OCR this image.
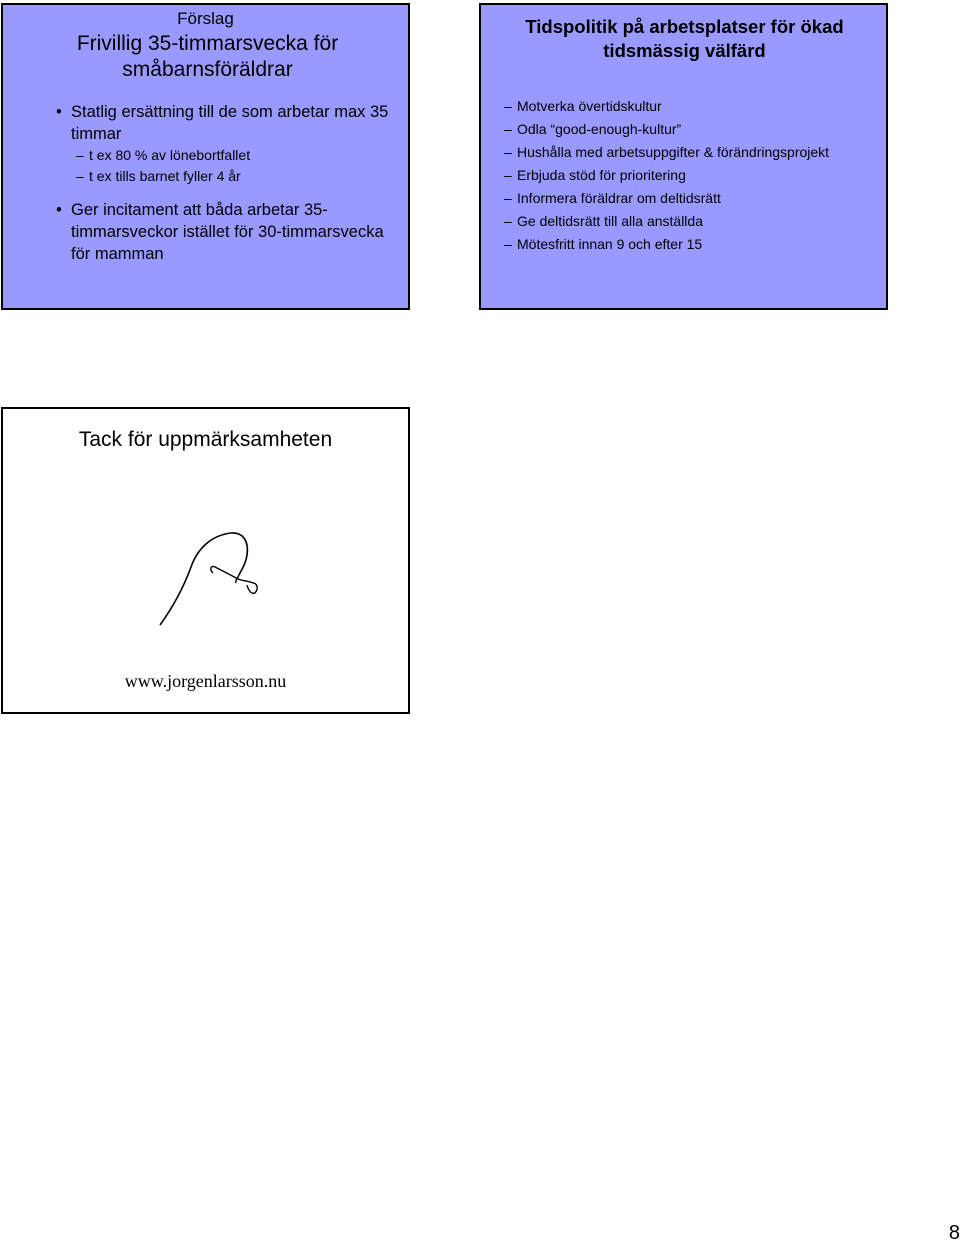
Förslag
Frivillig 35-timmarsvecka för småbarnsföräldrar
• Statlig ersättning till de som arbetar max 35 timmar
– t ex 80 % av lönebortfallet
– t ex tills barnet fyller 4 år
• Ger incitament att båda arbetar 35-timmarsveckor istället för 30-timmarsvecka för mamman
Tidspolitik på arbetsplatser för ökad tidsmässig välfärd
– Motverka övertidskultur
– Odla “good-enough-kultur”
– Hushålla med arbetsuppgifter & förändringsprojekt
– Erbjuda stöd för prioritering
– Informera föräldrar om deltidsrätt
– Ge deltidsrätt till alla anställda
– Mötesfritt innan 9 och efter 15
Tack för uppmärksamheten
www.jorgenlarsson.nu
8
